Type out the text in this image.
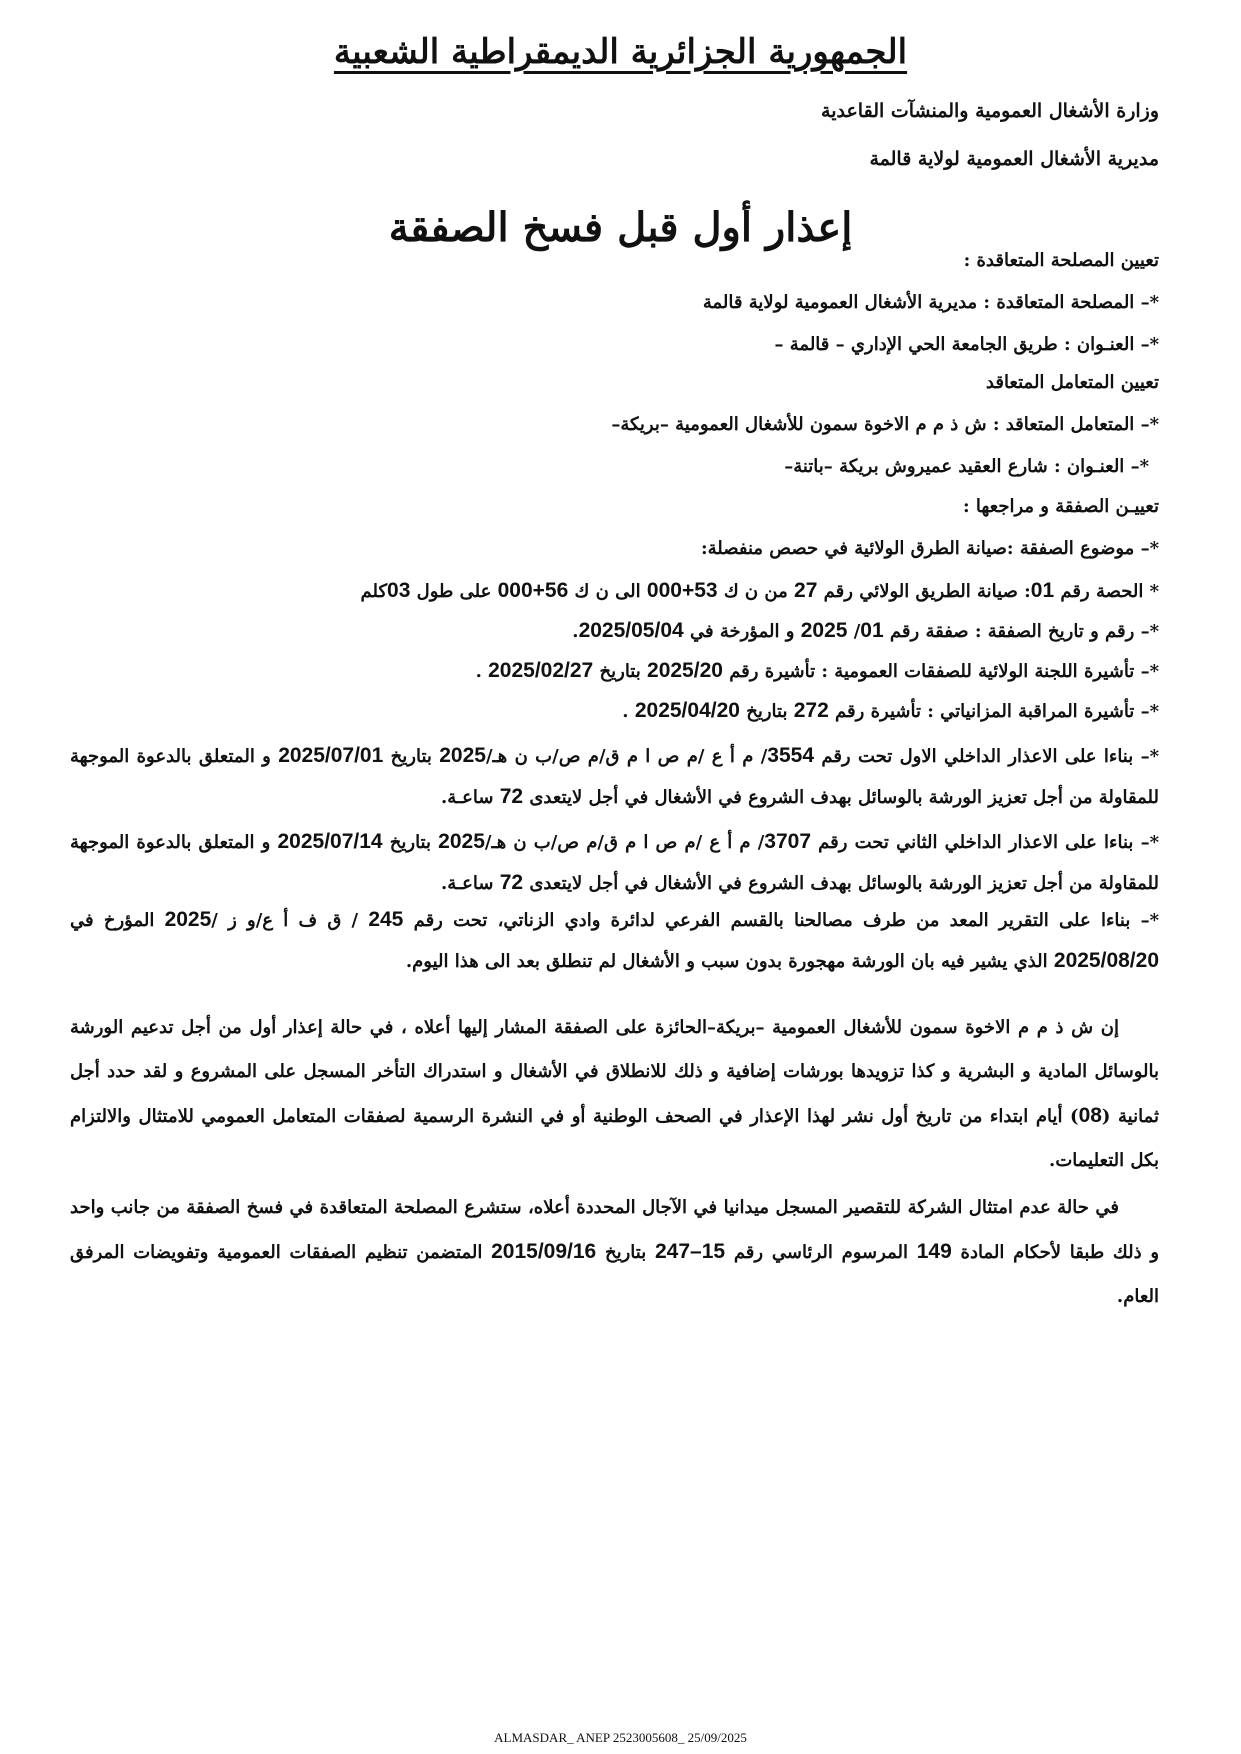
الجمهورية الجزائرية الديمقراطية الشعبية
وزارة الأشغال العمومية والمنشآت القاعدية
مديرية الأشغال العمومية لولاية قالمة
إعذار أول قبل فسخ الصفقة
تعيين المصلحة المتعاقدة :
*– المصلحة المتعاقدة : مديرية الأشغال العمومية لولاية قالمة
*– العنـوان : طريق الجامعة الحي الإداري – قالمة –
تعيين المتعامل المتعاقد
*– المتعامل المتعاقد : ش ذ م م الاخوة سمون للأشغال العمومية –بريكة–
*– العنـوان : شارع العقيد عميروش بريكة –باتنة–
تعييـن الصفقة و مراجعها :
*– موضوع الصفقة :صيانة الطرق الولائية في حصص منفصلة:
* الحصة رقم 01: صيانة الطريق الولائي رقم 27 من ن ك 53+000 الى ن ك 56+000 على طول 03كلم
*– رقم و تاريخ الصفقة : صفقة رقم 01/ 2025 و المؤرخة في 2025/05/04.
*– تأشيرة اللجنة الولائية للصفقات العمومية : تأشيرة رقم 2025/20 بتاريخ 2025/02/27 .
*– تأشيرة المراقبة المزانياتي : تأشيرة رقم 272 بتاريخ 2025/04/20 .
*– بناءا على الاعذار الداخلي الاول تحت رقم 3554/ م أ ع /م ص ا م ق/م ص/ب ن هـ/2025 بتاريخ 2025/07/01 و المتعلق بالدعوة الموجهة للمقاولة من أجل تعزيز الورشة بالوسائل بهدف الشروع في الأشغال في أجل لايتعدى 72 ساعـة.
*– بناءا على الاعذار الداخلي الثاني تحت رقم 3707/ م أ ع /م ص ا م ق/م ص/ب ن هـ/2025 بتاريخ 2025/07/14 و المتعلق بالدعوة الموجهة للمقاولة من أجل تعزيز الورشة بالوسائل بهدف الشروع في الأشغال في أجل لايتعدى 72 ساعـة.
*– بناءا على التقرير المعد من طرف مصالحنا بالقسم الفرعي لدائرة وادي الزناتي، تحت رقم 245 / ق ف أ ع/و ز /2025 المؤرخ في 2025/08/20 الذي يشير فيه بان الورشة مهجورة بدون سبب و الأشغال لم تنطلق بعد الى هذا اليوم.
إن ش ذ م م الاخوة سمون للأشغال العمومية –بريكة–الحائزة على الصفقة المشار إليها أعلاه ، في حالة إعذار أول من أجل تدعيم الورشة بالوسائل المادية و البشرية و كذا تزويدها بورشات إضافية و ذلك للانطلاق في الأشغال و استدراك التأخر المسجل على المشروع و لقد حدد أجل ثمانية (08) أيام ابتداء من تاريخ أول نشر لهذا الإعذار في الصحف الوطنية أو في النشرة الرسمية لصفقات المتعامل العمومي للامتثال والالتزام بكل التعليمات.
في حالة عدم امتثال الشركة للتقصير المسجل ميدانيا في الآجال المحددة أعلاه، ستشرع المصلحة المتعاقدة في فسخ الصفقة من جانب واحد و ذلك طبقا لأحكام المادة 149 المرسوم الرئاسي رقم 15–247 بتاريخ 2015/09/16 المتضمن تنظيم الصفقات العمومية وتفويضات المرفق العام.
ALMASDAR_ ANEP 2523005608_ 25/09/2025
